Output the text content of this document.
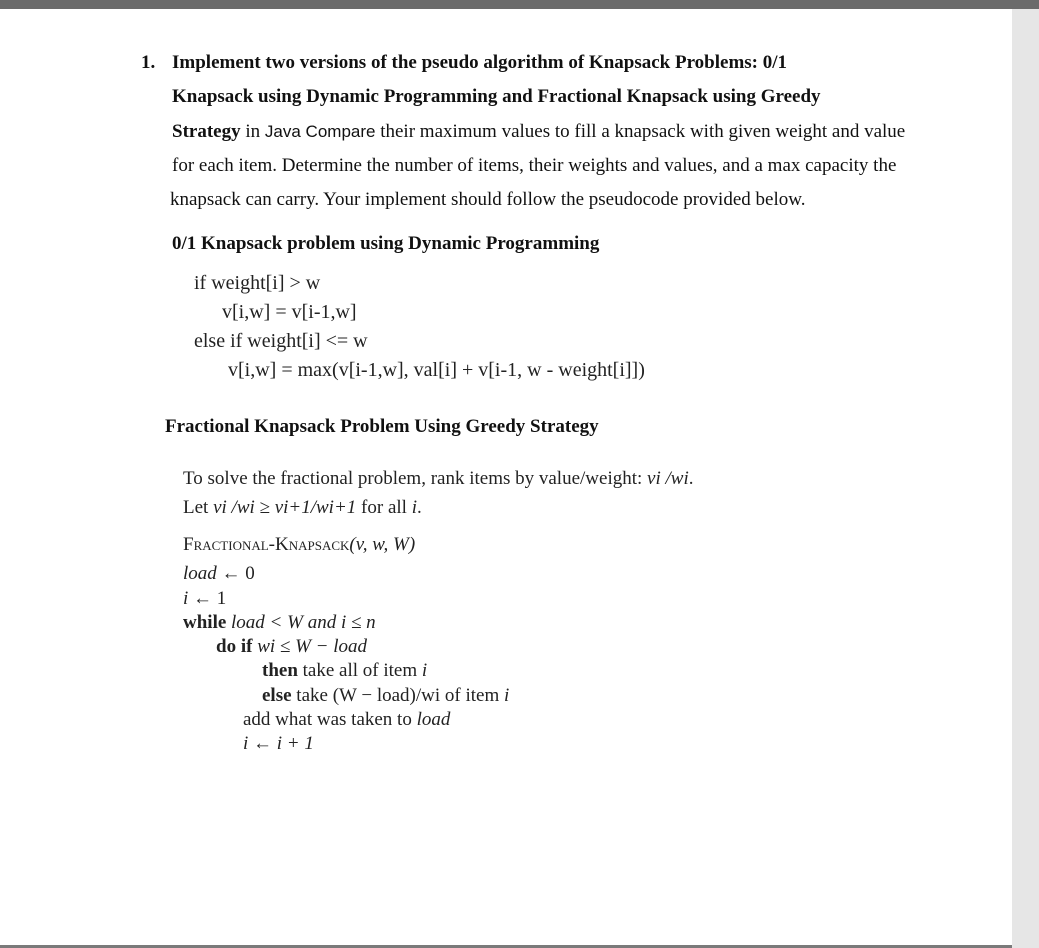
1. Implement two versions of the pseudo algorithm of Knapsack Problems: 0/1
Knapsack using Dynamic Programming and Fractional Knapsack using Greedy
Strategy in Java Compare their maximum values to fill a knapsack with given weight and value
for each item. Determine the number of items, their weights and values, and a max capacity the
knapsack can carry. Your implement should follow the pseudocode provided below.
0/1 Knapsack problem using Dynamic Programming
if weight[i] > w
v[i,w] = v[i-1,w]
else if weight[i] <= w
v[i,w] = max(v[i-1,w], val[i] + v[i-1, w - weight[i]])
Fractional Knapsack Problem Using Greedy Strategy
To solve the fractional problem, rank items by value/weight: vi /wi.
Let vi /wi ≥ vi+1/wi+1 for all i.
Fractional-Knapsack(v, w, W)
load ← 0
i ← 1
while load < W and i ≤ n
do if wi ≤ W − load
then take all of item i
else take (W − load)/wi of item i
add what was taken to load
i ← i + 1
